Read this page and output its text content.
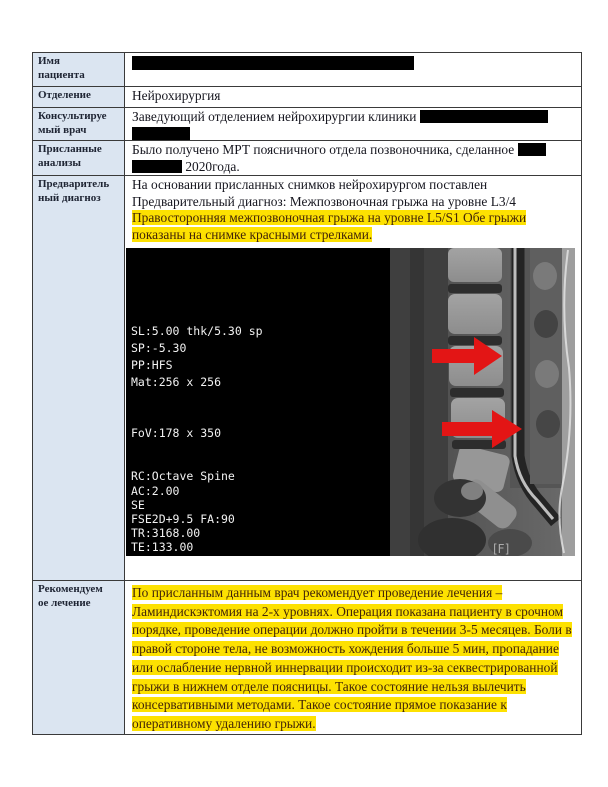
Имя
пациента
Отделение	Нейрохирургия
Консультируе
мый врач
Заведующий отделением нейрохирургии клиники
Присланные
анализы
Было получено МРТ поясничного отдела позвоночника, сделанное
2020года.
Предваритель
ный диагноз
На основании присланных снимков нейрохирургом поставлен Предварительный диагноз: Межпозвоночная грыжа на уровне L3/4 Правосторонняя межпозвоночная грыжа на уровне L5/S1 Обе грыжи показаны на снимке красными стрелками.
[F]
SL:5.00 thk/5.30 sp
SP:-5.30
PP:HFS
Mat:256 x 256
FoV:178 x 350
RC:Octave Spine
AC:2.00
SE
FSE2D+9.5 FA:90
TR:3168.00
TE:133.00
Рекомендуем
ое лечение
По присланным данным врач рекомендует проведение лечения – Ламиндискэктомия на 2-х уровнях. Операция показана пациенту в срочном порядке, проведение операции должно пройти в течении 3-5 месяцев. Боли в правой стороне тела, не возможность хождения больше 5 мин, пропадание или ослабление нервной иннервации происходит из-за секвестрированной грыжи в нижнем отделе поясницы. Такое состояние нельзя вылечить консервативными методами. Такое состояние прямое показание к оперативному удалению грыжи.
